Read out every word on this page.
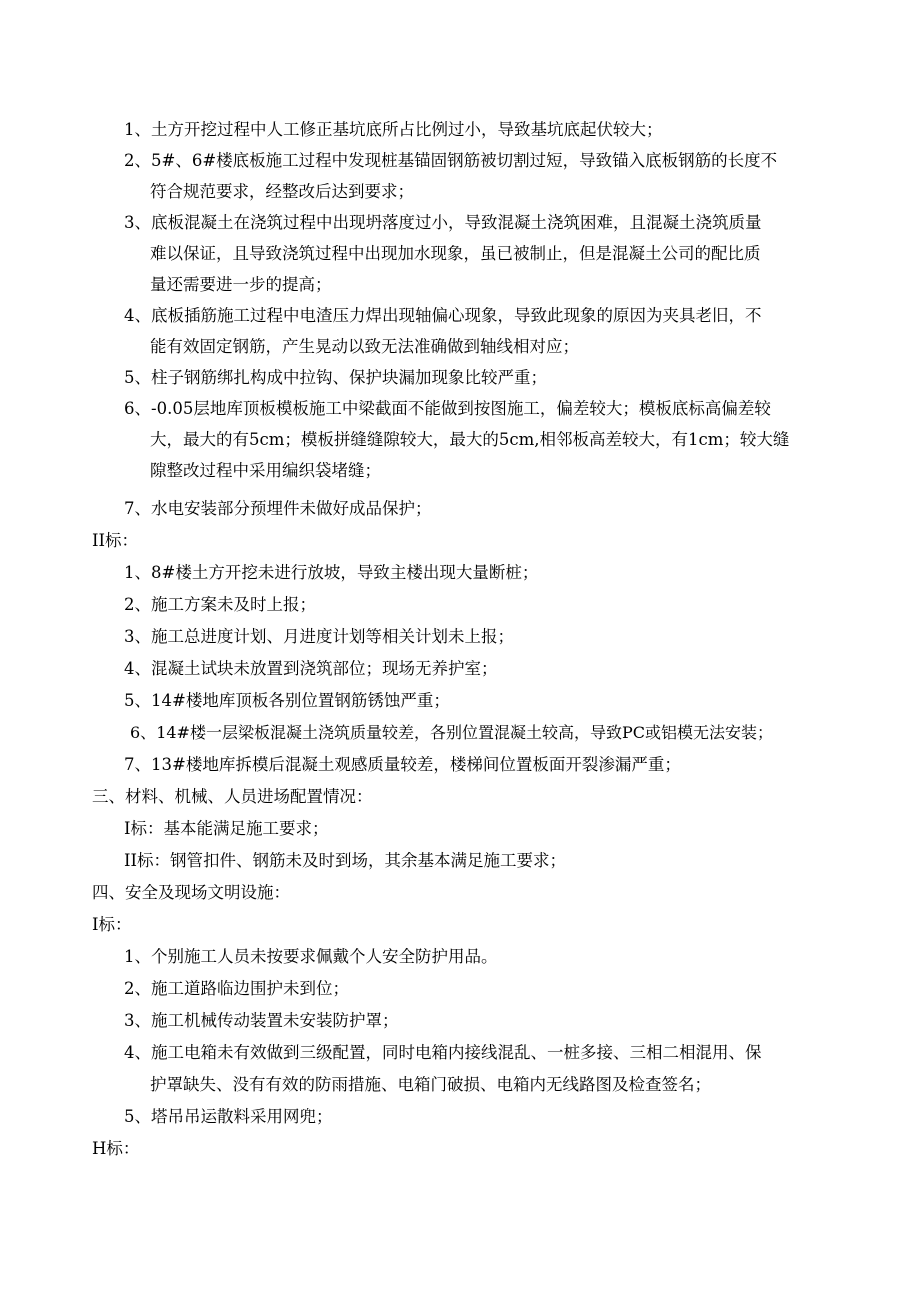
1、土方开挖过程中人工修正基坑底所占比例过小，导致基坑底起伏较大；
2、5#、6#楼底板施工过程中发现桩基锚固钢筋被切割过短，导致锚入底板钢筋的长度不
符合规范要求，经整改后达到要求；
3、底板混凝土在浇筑过程中出现坍落度过小，导致混凝土浇筑困难，且混凝土浇筑质量
难以保证，且导致浇筑过程中出现加水现象，虽已被制止，但是混凝土公司的配比质
量还需要进一步的提高；
4、底板插筋施工过程中电渣压力焊出现轴偏心现象，导致此现象的原因为夹具老旧，不
能有效固定钢筋，产生晃动以致无法准确做到轴线相对应；
5、柱子钢筋绑扎构成中拉钩、保护块漏加现象比较严重；
6、-0.05层地库顶板模板施工中梁截面不能做到按图施工，偏差较大；模板底标高偏差较
大，最大的有5cm；模板拼缝缝隙较大，最大的5cm,相邻板高差较大，有1cm；较大缝
隙整改过程中采用编织袋堵缝；
7、水电安装部分预埋件未做好成品保护；
II标：
1、8#楼土方开挖未进行放坡，导致主楼出现大量断桩；
2、施工方案未及时上报；
3、施工总进度计划、月进度计划等相关计划未上报；
4、混凝土试块未放置到浇筑部位；现场无养护室；
5、14#楼地库顶板各别位置钢筋锈蚀严重；
6、14#楼一层梁板混凝土浇筑质量较差，各别位置混凝土较高，导致PC或铝模无法安装；
7、13#楼地库拆模后混凝土观感质量较差，楼梯间位置板面开裂渗漏严重；
三、材料、机械、人员进场配置情况：
I标：基本能满足施工要求；
II标：钢管扣件、钢筋未及时到场，其余基本满足施工要求；
四、安全及现场文明设施：
I标：
1、个别施工人员未按要求佩戴个人安全防护用品。
2、施工道路临边围护未到位；
3、施工机械传动装置未安装防护罩；
4、施工电箱未有效做到三级配置，同时电箱内接线混乱、一桩多接、三相二相混用、保
护罩缺失、没有有效的防雨措施、电箱门破损、电箱内无线路图及检查签名；
5、塔吊吊运散料采用网兜；
H标：
